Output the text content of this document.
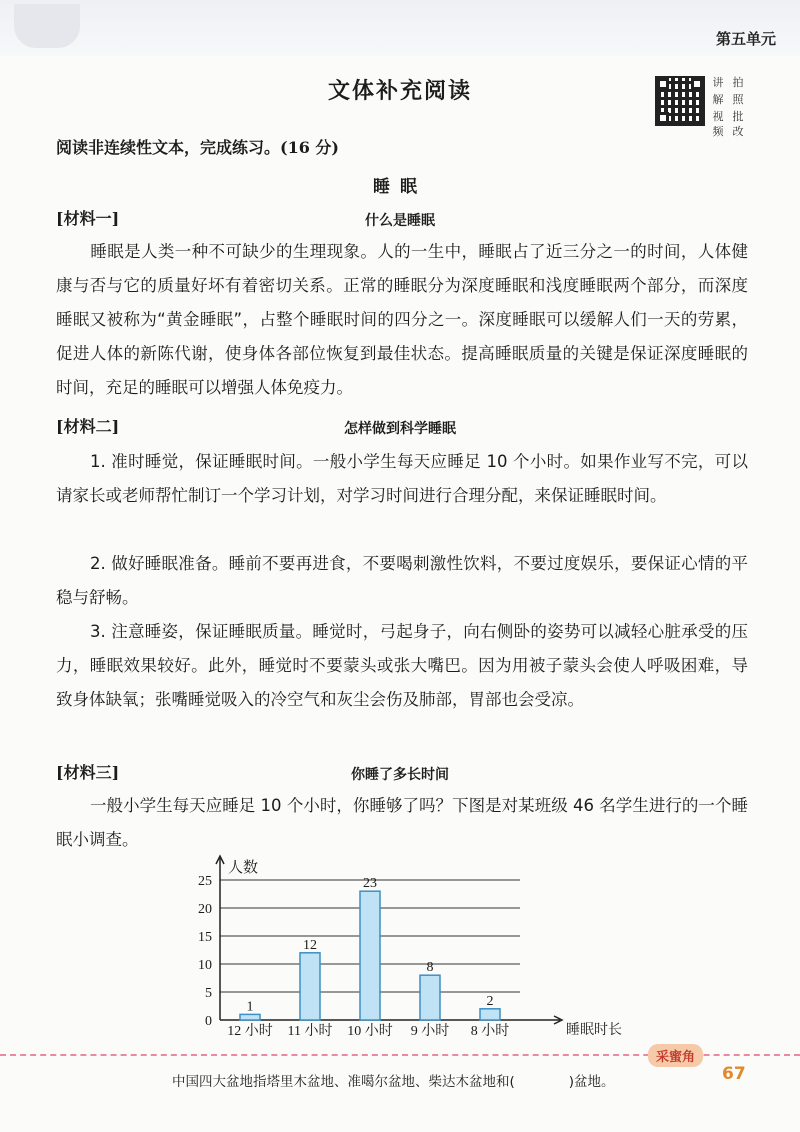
第五单元
文体补充阅读	讲
解
视
拍
照
批
频 改
阅读非连续性文本，完成练习。(16 分)
睡眠
[材料一]	什么是睡眠
睡眠是人类一种不可缺少的生理现象。人的一生中，睡眠占了近三分之一的时间，人体健康与否与它的质量好坏有着密切关系。正常的睡眠分为深度睡眠和浅度睡眠两个部分，而深度睡眠又被称为“黄金睡眠”，占整个睡眠时间的四分之一。深度睡眠可以缓解人们一天的劳累，促进人体的新陈代谢，使身体各部位恢复到最佳状态。提高睡眠质量的关键是保证深度睡眠的时间，充足的睡眠可以增强人体免疫力。
[材料二]	怎样做到科学睡眠
1. 准时睡觉，保证睡眠时间。一般小学生每天应睡足 10 个小时。如果作业写不完，可以请家长或老师帮忙制订一个学习计划，对学习时间进行合理分配，来保证睡眠时间。
2. 做好睡眠准备。睡前不要再进食，不要喝刺激性饮料，不要过度娱乐，要保证心情的平稳与舒畅。
3. 注意睡姿，保证睡眠质量。睡觉时，弓起身子，向右侧卧的姿势可以减轻心脏承受的压力，睡眠效果较好。此外，睡觉时不要蒙头或张大嘴巴。因为用被子蒙头会使人呼吸困难，导致身体缺氧；张嘴睡觉吸入的冷空气和灰尘会伤及肺部，胃部也会受凉。
[材料三]	你睡了多长时间
一般小学生每天应睡足 10 个小时，你睡够了吗？下图是对某班级 46 名学生进行的一个睡眠小调查。
0
5
10
15
20
25
人数
睡眠时长
1
12 小时
12
11 小时
23
10 小时
8
9 小时
2
8 小时
采蜜角
中国四大盆地指塔里木盆地、准噶尔盆地、柴达木盆地和(　　　　)盆地。	67
